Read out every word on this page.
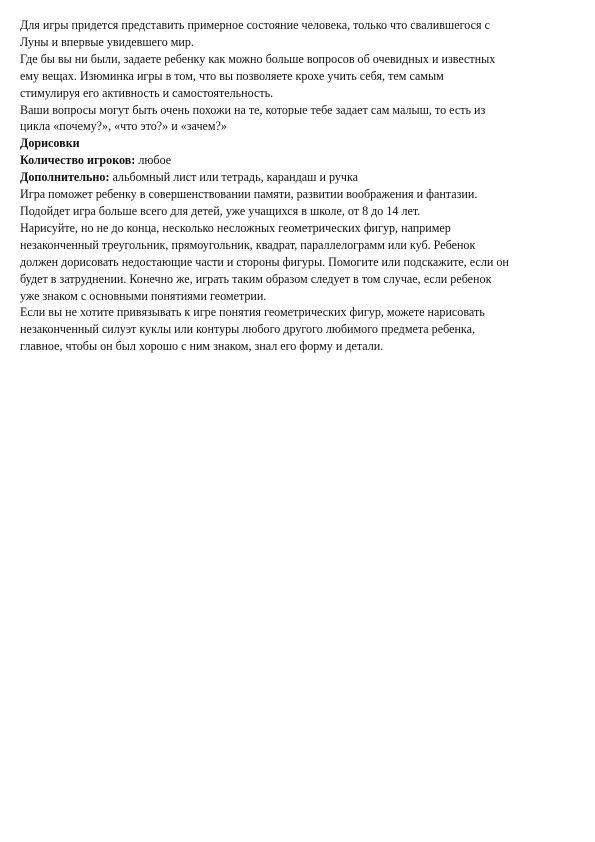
Для игры придется представить примерное состояние человека, только что свалившегося с
Луны и впервые увидевшего мир.
Где бы вы ни были, задаете ребенку как можно больше вопросов об очевидных и известных
ему вещах. Изюминка игры в том, что вы позволяете крохе учить себя, тем самым
стимулируя его активность и самостоятельность.
Ваши вопросы могут быть очень похожи на те, которые тебе задает сам малыш, то есть из
цикла «почему?», «что это?» и «зачем?»
Дорисовки
Количество игроков: любое
Дополнительно: альбомный лист или тетрадь, карандаш и ручка
Игра поможет ребенку в совершенствовании памяти, развитии воображения и фантазии.
Подойдет игра больше всего для детей, уже учащихся в школе, от 8 до 14 лет.
Нарисуйте, но не до конца, несколько несложных геометрических фигур, например
незаконченный треугольник, прямоугольник, квадрат, параллелограмм или куб. Ребенок
должен дорисовать недостающие части и стороны фигуры. Помогите или подскажите, если он
будет в затруднении. Конечно же, играть таким образом следует в том случае, если ребенок
уже знаком с основными понятиями геометрии.
Если вы не хотите привязывать к игре понятия геометрических фигур, можете нарисовать
незаконченный силуэт куклы или контуры любого другого любимого предмета ребенка,
главное, чтобы он был хорошо с ним знаком, знал его форму и детали.
